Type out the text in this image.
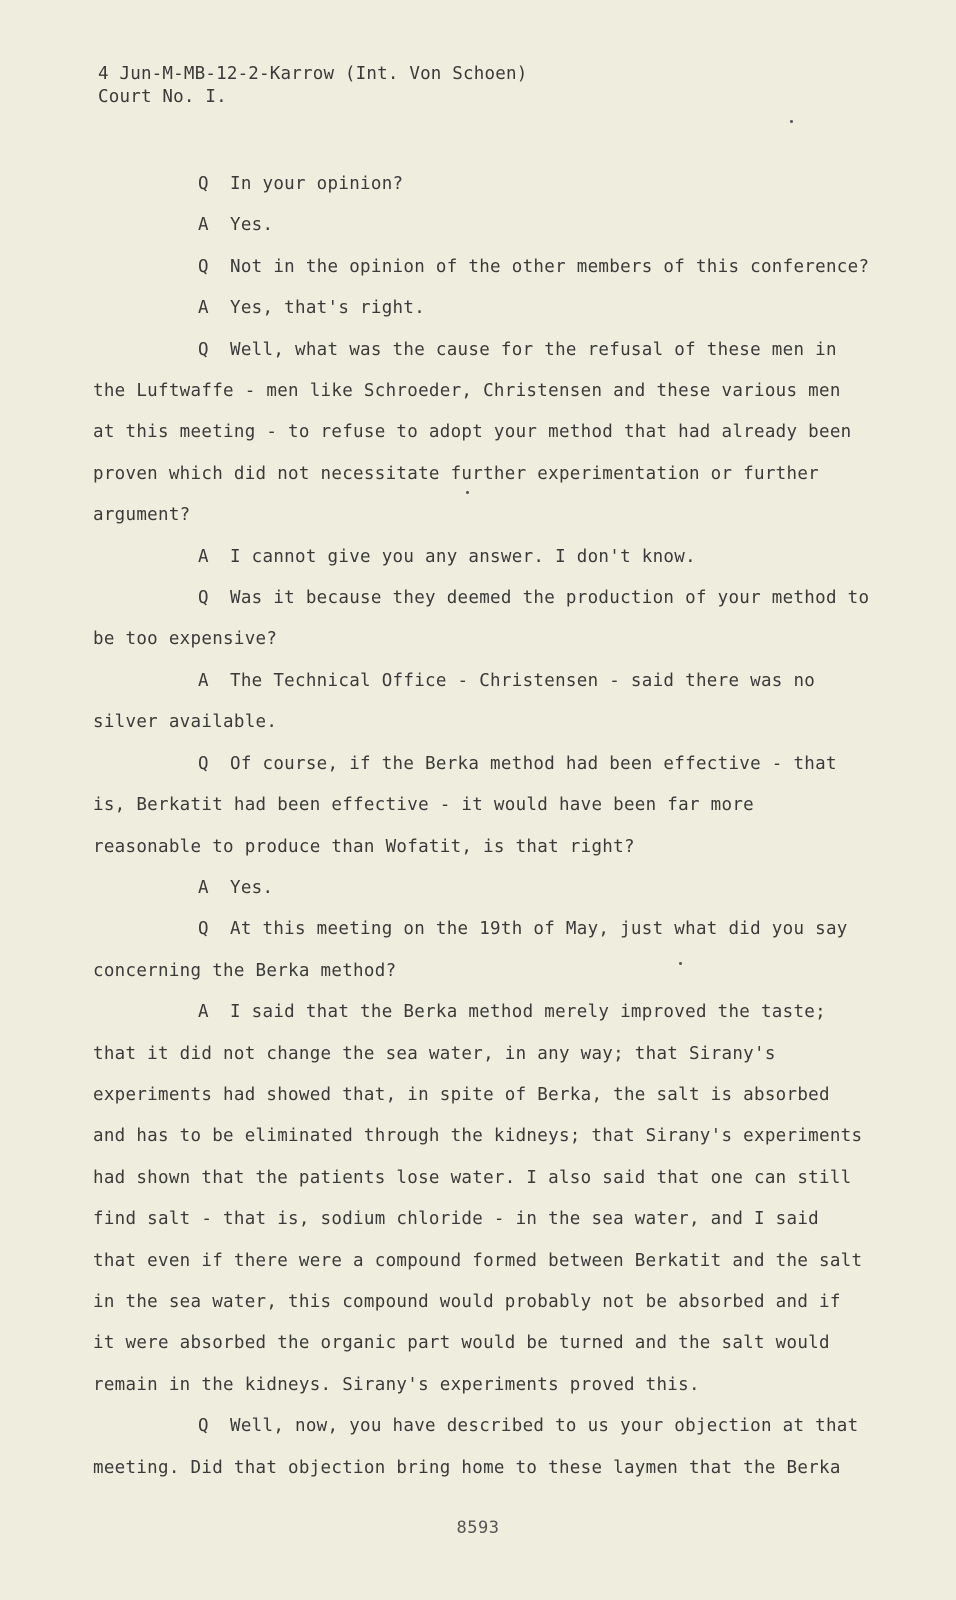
4 Jun-M-MB-12-2-Karrow (Int. Von Schoen)
Court No. I.

Q In your opinion?

A Yes.

Q Not in the opinion of the other members of this conference?

A Yes, that's right.

Q Well, what was the cause for the refusal of these men in the Luftwaffe - men like Schroeder, Christensen and these various men at this meeting - to refuse to adopt your method that had already been proven which did not necessitate further experimentation or further argument?

A I cannot give you any answer. I don't know.

Q Was it because they deemed the production of your method to be too expensive?

A The Technical Office - Christensen - said there was no silver available.

Q Of course, if the Berka method had been effective - that is, Berkatit had been effective - it would have been far more reasonable to produce than Wofatit, is that right?

A Yes.

Q At this meeting on the 19th of May, just what did you say concerning the Berka method?

A I said that the Berka method merely improved the taste; that it did not change the sea water, in any way; that Sirany's experiments had showed that, in spite of Berka, the salt is absorbed and has to be eliminated through the kidneys; that Sirany's experiments had shown that the patients lose water. I also said that one can still find salt - that is, sodium chloride - in the sea water, and I said that even if there were a compound formed between Berkatit and the salt in the sea water, this compound would probably not be absorbed and if it were absorbed the organic part would be turned and the salt would remain in the kidneys. Sirany's experiments proved this.

Q Well, now, you have described to us your objection at that meeting. Did that objection bring home to these laymen that the Berka

8593
